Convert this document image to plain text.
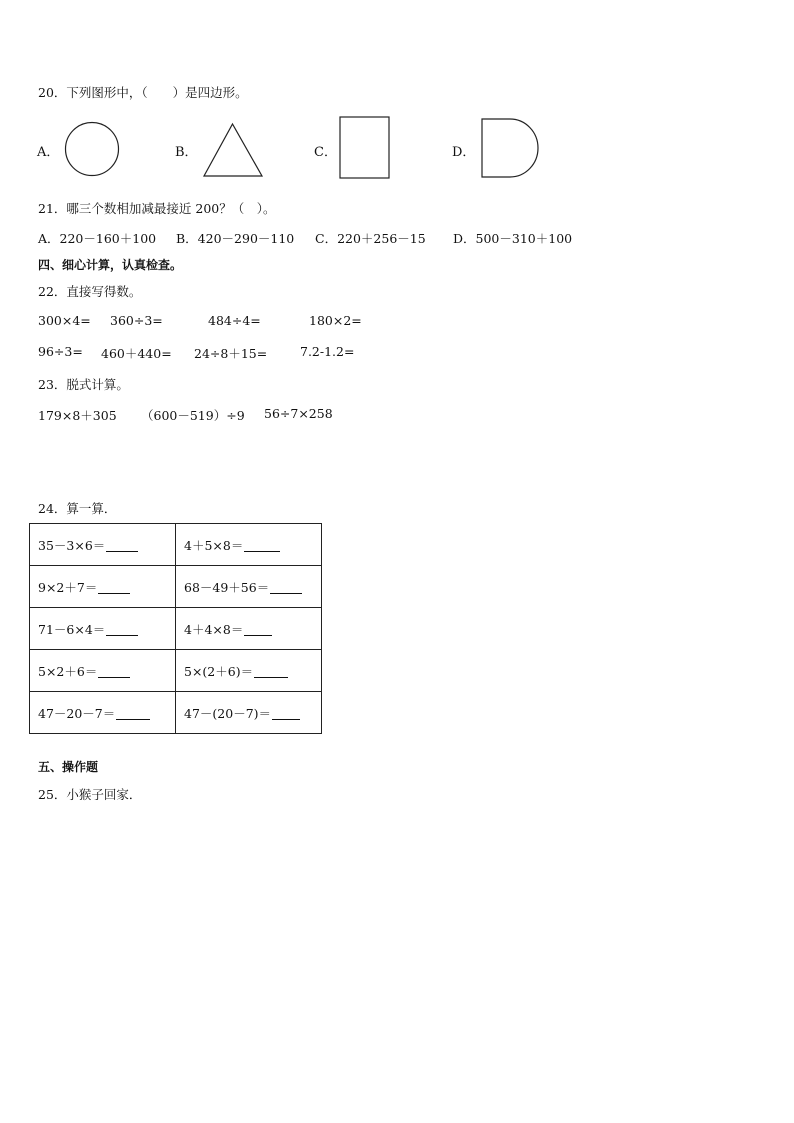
20．下列图形中，（　　）是四边形。
A．	B．	C．	D．
21．哪三个数相加减最接近 200？（　）。
A．220－160＋100 B．420－290－110 C．220＋256－15 D．500－310＋100
四、细心计算，认真检查。
22．直接写得数。
300×4= 360÷3=	484÷4=	180×2=
96÷3= 460＋440= 24÷8＋15=	7.2-1.2=
23．脱式计算。
179×8＋305 （600－519）÷9 56÷7×258
24．算一算．
35－3×6＝	4＋5×8＝
9×2＋7＝	68－49＋56＝
71－6×4＝	4＋4×8＝
5×2＋6＝	5×(2＋6)＝
47－20－7＝	47－(20－7)＝
五、操作题
25．小猴子回家．
